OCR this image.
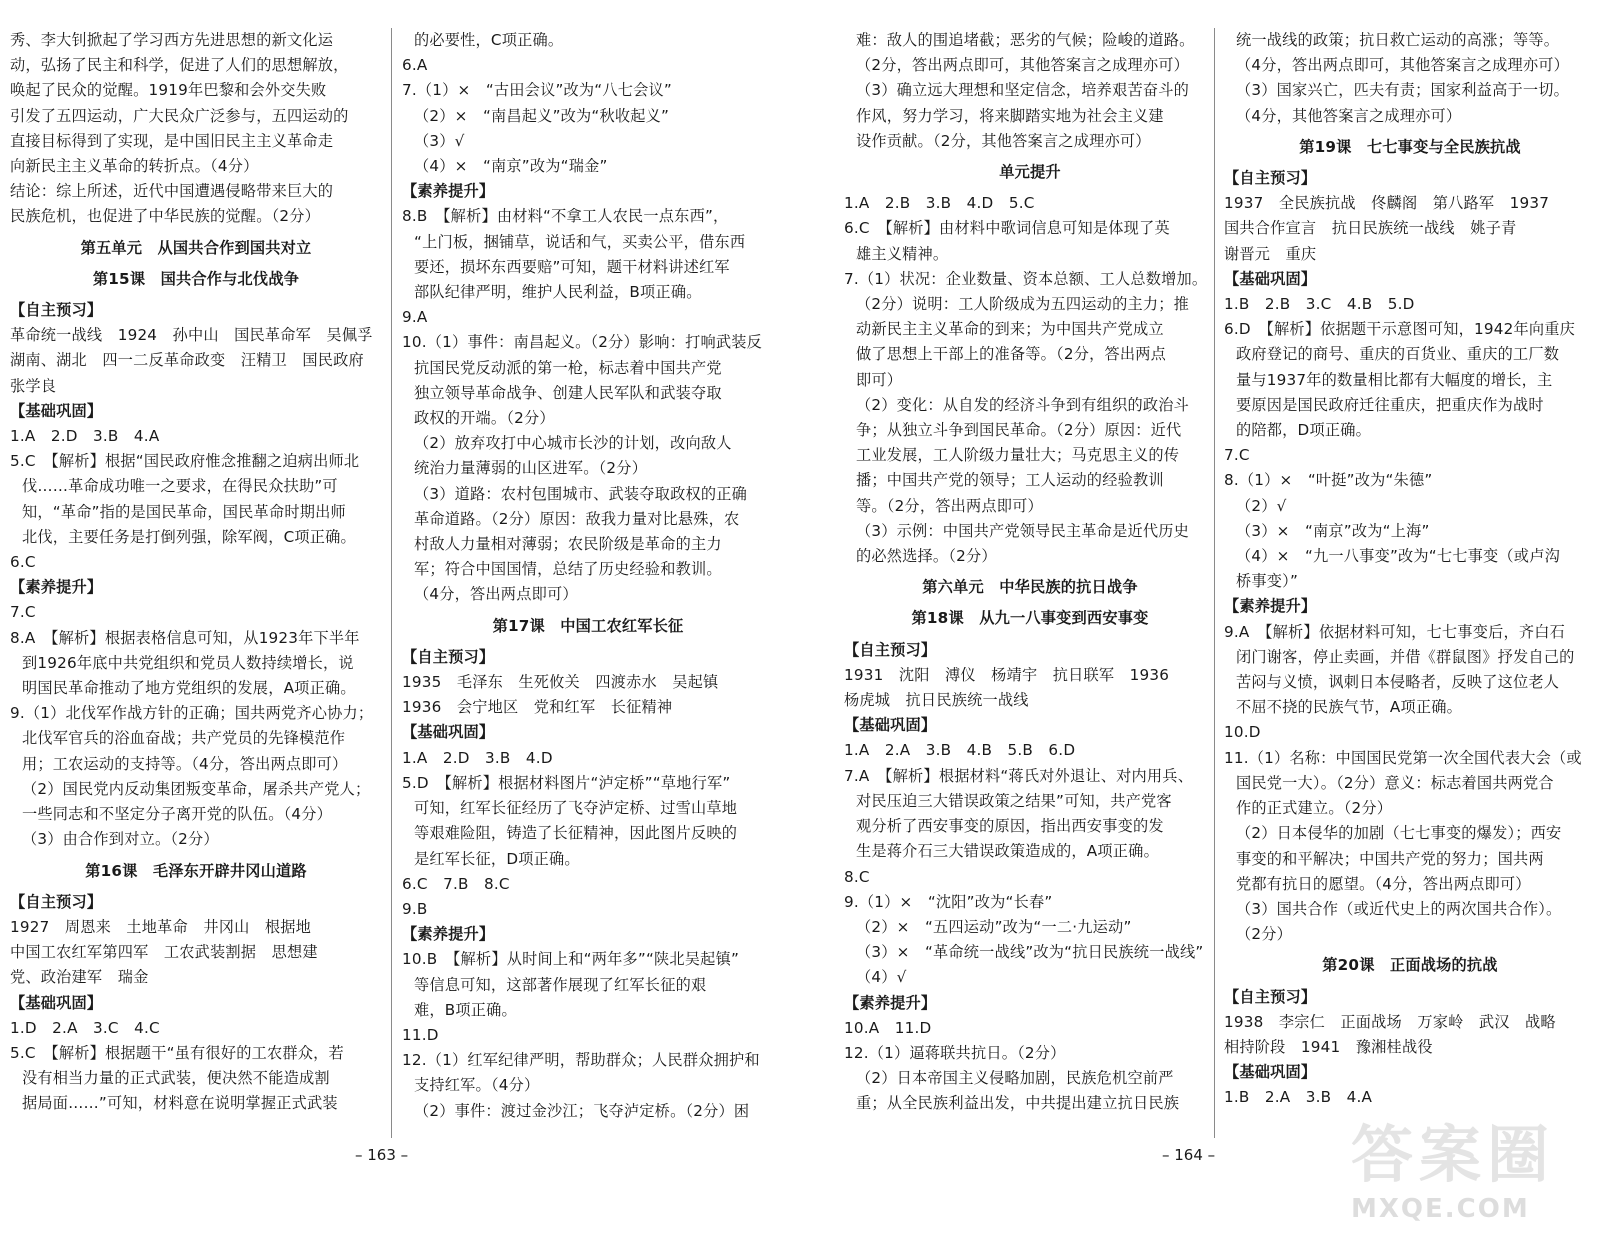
秀、李大钊掀起了学习西方先进思想的新文化运
动，弘扬了民主和科学，促进了人们的思想解放，
唤起了民众的觉醒。1919年巴黎和会外交失败
引发了五四运动，广大民众广泛参与，五四运动的
直接目标得到了实现，是中国旧民主主义革命走
向新民主主义革命的转折点。（4分）
结论：综上所述，近代中国遭遇侵略带来巨大的
民族危机，也促进了中华民族的觉醒。（2分）
第五单元　从国共合作到国共对立
第15课　国共合作与北伐战争
【自主预习】
革命统一战线　1924　孙中山　国民革命军　吴佩孚
湖南、湖北　四一二反革命政变　汪精卫　国民政府
张学良
【基础巩固】
1.A　2.D　3.B　4.A
5.C　【解析】根据“国民政府惟念推翻之迫病出师北
伐……革命成功唯一之要求，在得民众扶助”可
知，“革命”指的是国民革命，国民革命时期出师
北伐，主要任务是打倒列强，除军阀，C项正确。
6.C
【素养提升】
7.C
8.A　【解析】根据表格信息可知，从1923年下半年
到1926年底中共党组织和党员人数持续增长，说
明国民革命推动了地方党组织的发展，A项正确。
9.（1）北伐军作战方针的正确；国共两党齐心协力；
北伐军官兵的浴血奋战；共产党员的先锋模范作
用；工农运动的支持等。（4分，答出两点即可）
（2）国民党内反动集团叛变革命，屠杀共产党人；
一些同志和不坚定分子离开党的队伍。（4分）
（3）由合作到对立。（2分）
第16课　毛泽东开辟井冈山道路
【自主预习】
1927　周恩来　土地革命　井冈山　根据地
中国工农红军第四军　工农武装割据　思想建
党、政治建军　瑞金
【基础巩固】
1.D　2.A　3.C　4.C
5.C　【解析】根据题干“虽有很好的工农群众，若
没有相当力量的正式武装，便决然不能造成割
据局面……”可知，材料意在说明掌握正式武装
的必要性，C项正确。
6.A
7.（1）×　“古田会议”改为“八七会议”
（2）×　“南昌起义”改为“秋收起义”
（3）√
（4）×　“南京”改为“瑞金”
【素养提升】
8.B　【解析】由材料“不拿工人农民一点东西”，
“上门板，捆铺草，说话和气，买卖公平，借东西
要还，损坏东西要赔”可知，题干材料讲述红军
部队纪律严明，维护人民利益，B项正确。
9.A
10.（1）事件：南昌起义。（2分）影响：打响武装反
抗国民党反动派的第一枪，标志着中国共产党
独立领导革命战争、创建人民军队和武装夺取
政权的开端。（2分）
（2）放弃攻打中心城市长沙的计划，改向敌人
统治力量薄弱的山区进军。（2分）
（3）道路：农村包围城市、武装夺取政权的正确
革命道路。（2分）原因：敌我力量对比悬殊，农
村敌人力量相对薄弱；农民阶级是革命的主力
军；符合中国国情，总结了历史经验和教训。
（4分，答出两点即可）
第17课　中国工农红军长征
【自主预习】
1935　毛泽东　生死攸关　四渡赤水　吴起镇
1936　会宁地区　党和红军　长征精神
【基础巩固】
1.A　2.D　3.B　4.D
5.D　【解析】根据材料图片“泸定桥”“草地行军”
可知，红军长征经历了飞夺泸定桥、过雪山草地
等艰难险阻，铸造了长征精神，因此图片反映的
是红军长征，D项正确。
6.C　7.B　8.C
9.B
【素养提升】
10.B　【解析】从时间上和“两年多”“陕北吴起镇”
等信息可知，这部著作展现了红军长征的艰
难，B项正确。
11.D
12.（1）红军纪律严明，帮助群众；人民群众拥护和
支持红军。（4分）
（2）事件：渡过金沙江；飞夺泸定桥。（2分）困
– 163 –
难：敌人的围追堵截；恶劣的气候；险峻的道路。
（2分，答出两点即可，其他答案言之成理亦可）
（3）确立远大理想和坚定信念，培养艰苦奋斗的
作风，努力学习，将来脚踏实地为社会主义建
设作贡献。（2分，其他答案言之成理亦可）
单元提升
1.A　2.B　3.B　4.D　5.C
6.C　【解析】由材料中歌词信息可知是体现了英
雄主义精神。
7.（1）状况：企业数量、资本总额、工人总数增加。
（2分）说明：工人阶级成为五四运动的主力；推
动新民主主义革命的到来；为中国共产党成立
做了思想上干部上的准备等。（2分，答出两点
即可）
（2）变化：从自发的经济斗争到有组织的政治斗
争；从独立斗争到国民革命。（2分）原因：近代
工业发展，工人阶级力量壮大；马克思主义的传
播；中国共产党的领导；工人运动的经验教训
等。（2分，答出两点即可）
（3）示例：中国共产党领导民主革命是近代历史
的必然选择。（2分）
第六单元　中华民族的抗日战争
第18课　从九一八事变到西安事变
【自主预习】
1931　沈阳　溥仪　杨靖宇　抗日联军　1936
杨虎城　抗日民族统一战线
【基础巩固】
1.A　2.A　3.B　4.B　5.B　6.D
7.A　【解析】根据材料“蒋氏对外退让、对内用兵、
对民压迫三大错误政策之结果”可知，共产党客
观分析了西安事变的原因，指出西安事变的发
生是蒋介石三大错误政策造成的，A项正确。
8.C
9.（1）×　“沈阳”改为“长春”
（2）×　“五四运动”改为“一二·九运动”
（3）×　“革命统一战线”改为“抗日民族统一战线”
（4）√
【素养提升】
10.A　11.D
12.（1）逼蒋联共抗日。（2分）
（2）日本帝国主义侵略加剧，民族危机空前严
重；从全民族利益出发，中共提出建立抗日民族
统一战线的政策；抗日救亡运动的高涨；等等。
（4分，答出两点即可，其他答案言之成理亦可）
（3）国家兴亡，匹夫有责；国家利益高于一切。
（4分，其他答案言之成理亦可）
第19课　七七事变与全民族抗战
【自主预习】
1937　全民族抗战　佟麟阁　第八路军　1937
国共合作宣言　抗日民族统一战线　姚子青
谢晋元　重庆
【基础巩固】
1.B　2.B　3.C　4.B　5.D
6.D　【解析】依据题干示意图可知，1942年向重庆
政府登记的商号、重庆的百货业、重庆的工厂数
量与1937年的数量相比都有大幅度的增长，主
要原因是国民政府迁往重庆，把重庆作为战时
的陪都，D项正确。
7.C
8.（1）×　“叶挺”改为“朱德”
（2）√
（3）×　“南京”改为“上海”
（4）×　“九一八事变”改为“七七事变（或卢沟
桥事变）”
【素养提升】
9.A　【解析】依据材料可知，七七事变后，齐白石
闭门谢客，停止卖画，并借《群鼠图》抒发自己的
苦闷与义愤，讽刺日本侵略者，反映了这位老人
不屈不挠的民族气节，A项正确。
10.D
11.（1）名称：中国国民党第一次全国代表大会（或
国民党一大）。（2分）意义：标志着国共两党合
作的正式建立。（2分）
（2）日本侵华的加剧（七七事变的爆发）；西安
事变的和平解决；中国共产党的努力；国共两
党都有抗日的愿望。（4分，答出两点即可）
（3）国共合作（或近代史上的两次国共合作）。
（2分）
第20课　正面战场的抗战
【自主预习】
1938　李宗仁　正面战场　万家岭　武汉　战略
相持阶段　1941　豫湘桂战役
【基础巩固】
1.B　2.A　3.B　4.A
– 164 – 答案圈
MXQE.COM
